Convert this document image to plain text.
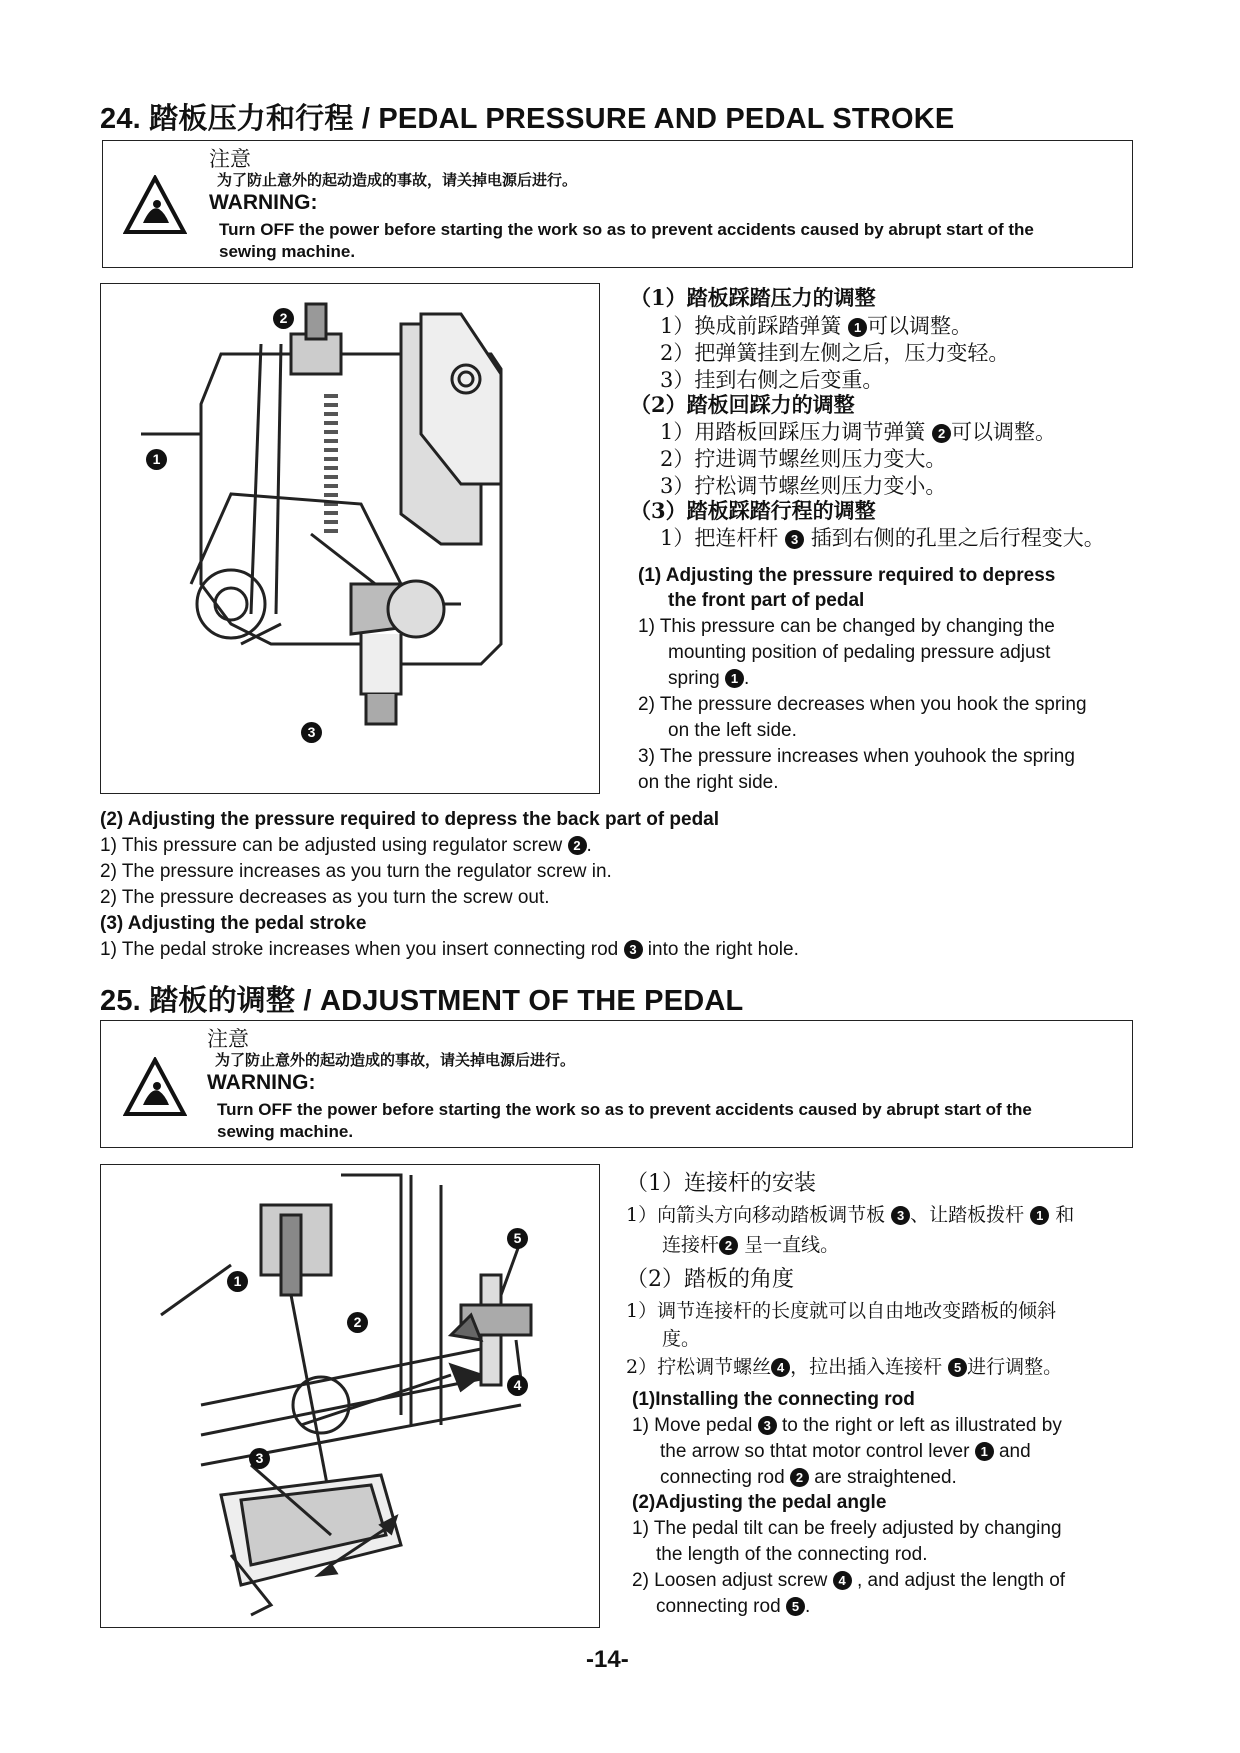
24. 踏板压力和行程 / PEDAL PRESSURE AND PEDAL STROKE
注意
为了防止意外的起动造成的事故，请关掉电源后进行。
WARNING:
Turn OFF the power before starting the work so as to prevent accidents caused by abrupt start of the
sewing machine.
2
1
3
（1）踏板踩踏压力的调整
1）换成前踩踏弹簧 1 可以调整。
2）把弹簧挂到左侧之后，压力变轻。
3）挂到右侧之后变重。
（2）踏板回踩力的调整
1）用踏板回踩压力调节弹簧 2 可以调整。
2）拧进调节螺丝则压力变大。
3）拧松调节螺丝则压力变小。
（3）踏板踩踏行程的调整
1）把连杆杆 3 插到右侧的孔里之后行程变大。
(1) Adjusting the pressure required to depress
the front part of pedal
1) This pressure can be changed by changing the
mounting position of pedaling pressure adjust
spring 1 .
2) The pressure decreases when you hook the spring
on the left side.
3) The pressure increases when youhook the spring
on the right side.
(2) Adjusting the pressure required to depress the back part of pedal
1) This pressure can be adjusted using regulator screw 2 .
2) The pressure increases as you turn the regulator screw in.
2) The pressure decreases as you turn the screw out.
(3) Adjusting the pedal stroke
1) The pedal stroke increases when you insert connecting rod 3 into the right hole.
25. 踏板的调整 / ADJUSTMENT OF THE PEDAL
注意
为了防止意外的起动造成的事故，请关掉电源后进行。
WARNING:
Turn OFF the power before starting the work so as to prevent accidents caused by abrupt start of the
sewing machine.
1
2
3
4
5
（1）连接杆的安装
1）向箭头方向移动踏板调节板 3 、让踏板拨杆 1 和
连接杆 2 呈一直线。
（2）踏板的角度
1）调节连接杆的长度就可以自由地改变踏板的倾斜
度。
2）拧松调节螺丝 4 ，拉出插入连接杆 5 进行调整。
(1)Installing the connecting rod
1) Move pedal 3 to the right or left as illustrated by
the arrow so thtat motor control lever 1 and
connecting rod 2 are straightened.
(2)Adjusting the pedal angle
1) The pedal tilt can be freely adjusted by changing
the length of the connecting rod.
2) Loosen adjust screw 4 , and adjust the length of
connecting rod 5 .
-14-
